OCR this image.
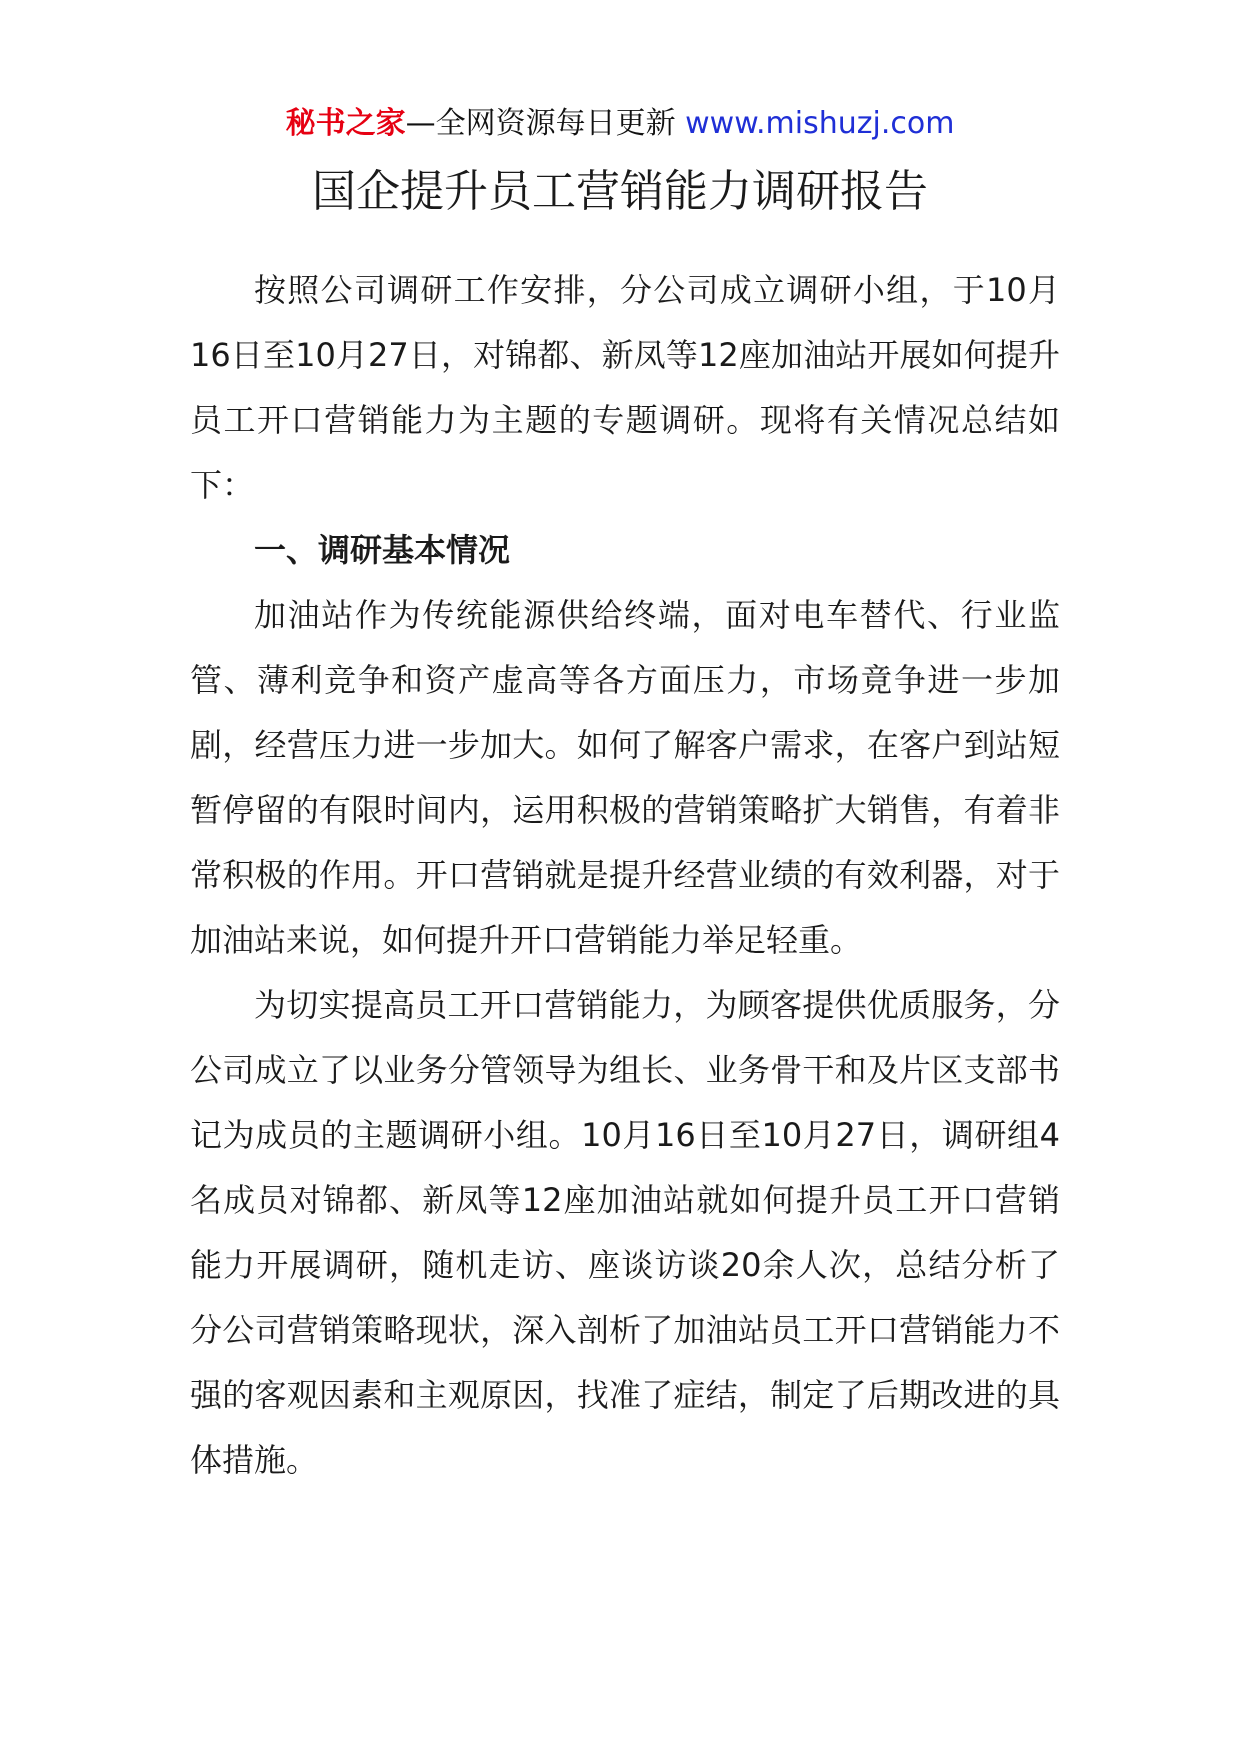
秘书之家—全网资源每日更新 www.mishuzj.com
国企提升员工营销能力调研报告

按照公司调研工作安排，分公司成立调研小组，于10月16日至10月27日，对锦都、新凤等12座加油站开展如何提升员工开口营销能力为主题的专题调研。现将有关情况总结如下：

一、调研基本情况

加油站作为传统能源供给终端，面对电车替代、行业监管、薄利竞争和资产虚高等各方面压力，市场竟争进一步加剧，经营压力进一步加大。如何了解客户需求，在客户到站短暂停留的有限时间内，运用积极的营销策略扩大销售，有着非常积极的作用。开口营销就是提升经营业绩的有效利器，对于加油站来说，如何提升开口营销能力举足轻重。

为切实提高员工开口营销能力，为顾客提供优质服务，分公司成立了以业务分管领导为组长、业务骨干和及片区支部书记为成员的主题调研小组。10月16日至10月27日，调研组4名成员对锦都、新凤等12座加油站就如何提升员工开口营销能力开展调研，随机走访、座谈访谈20余人次，总结分析了分公司营销策略现状，深入剖析了加油站员工开口营销能力不强的客观因素和主观原因，找准了症结，制定了后期改进的具体措施。
